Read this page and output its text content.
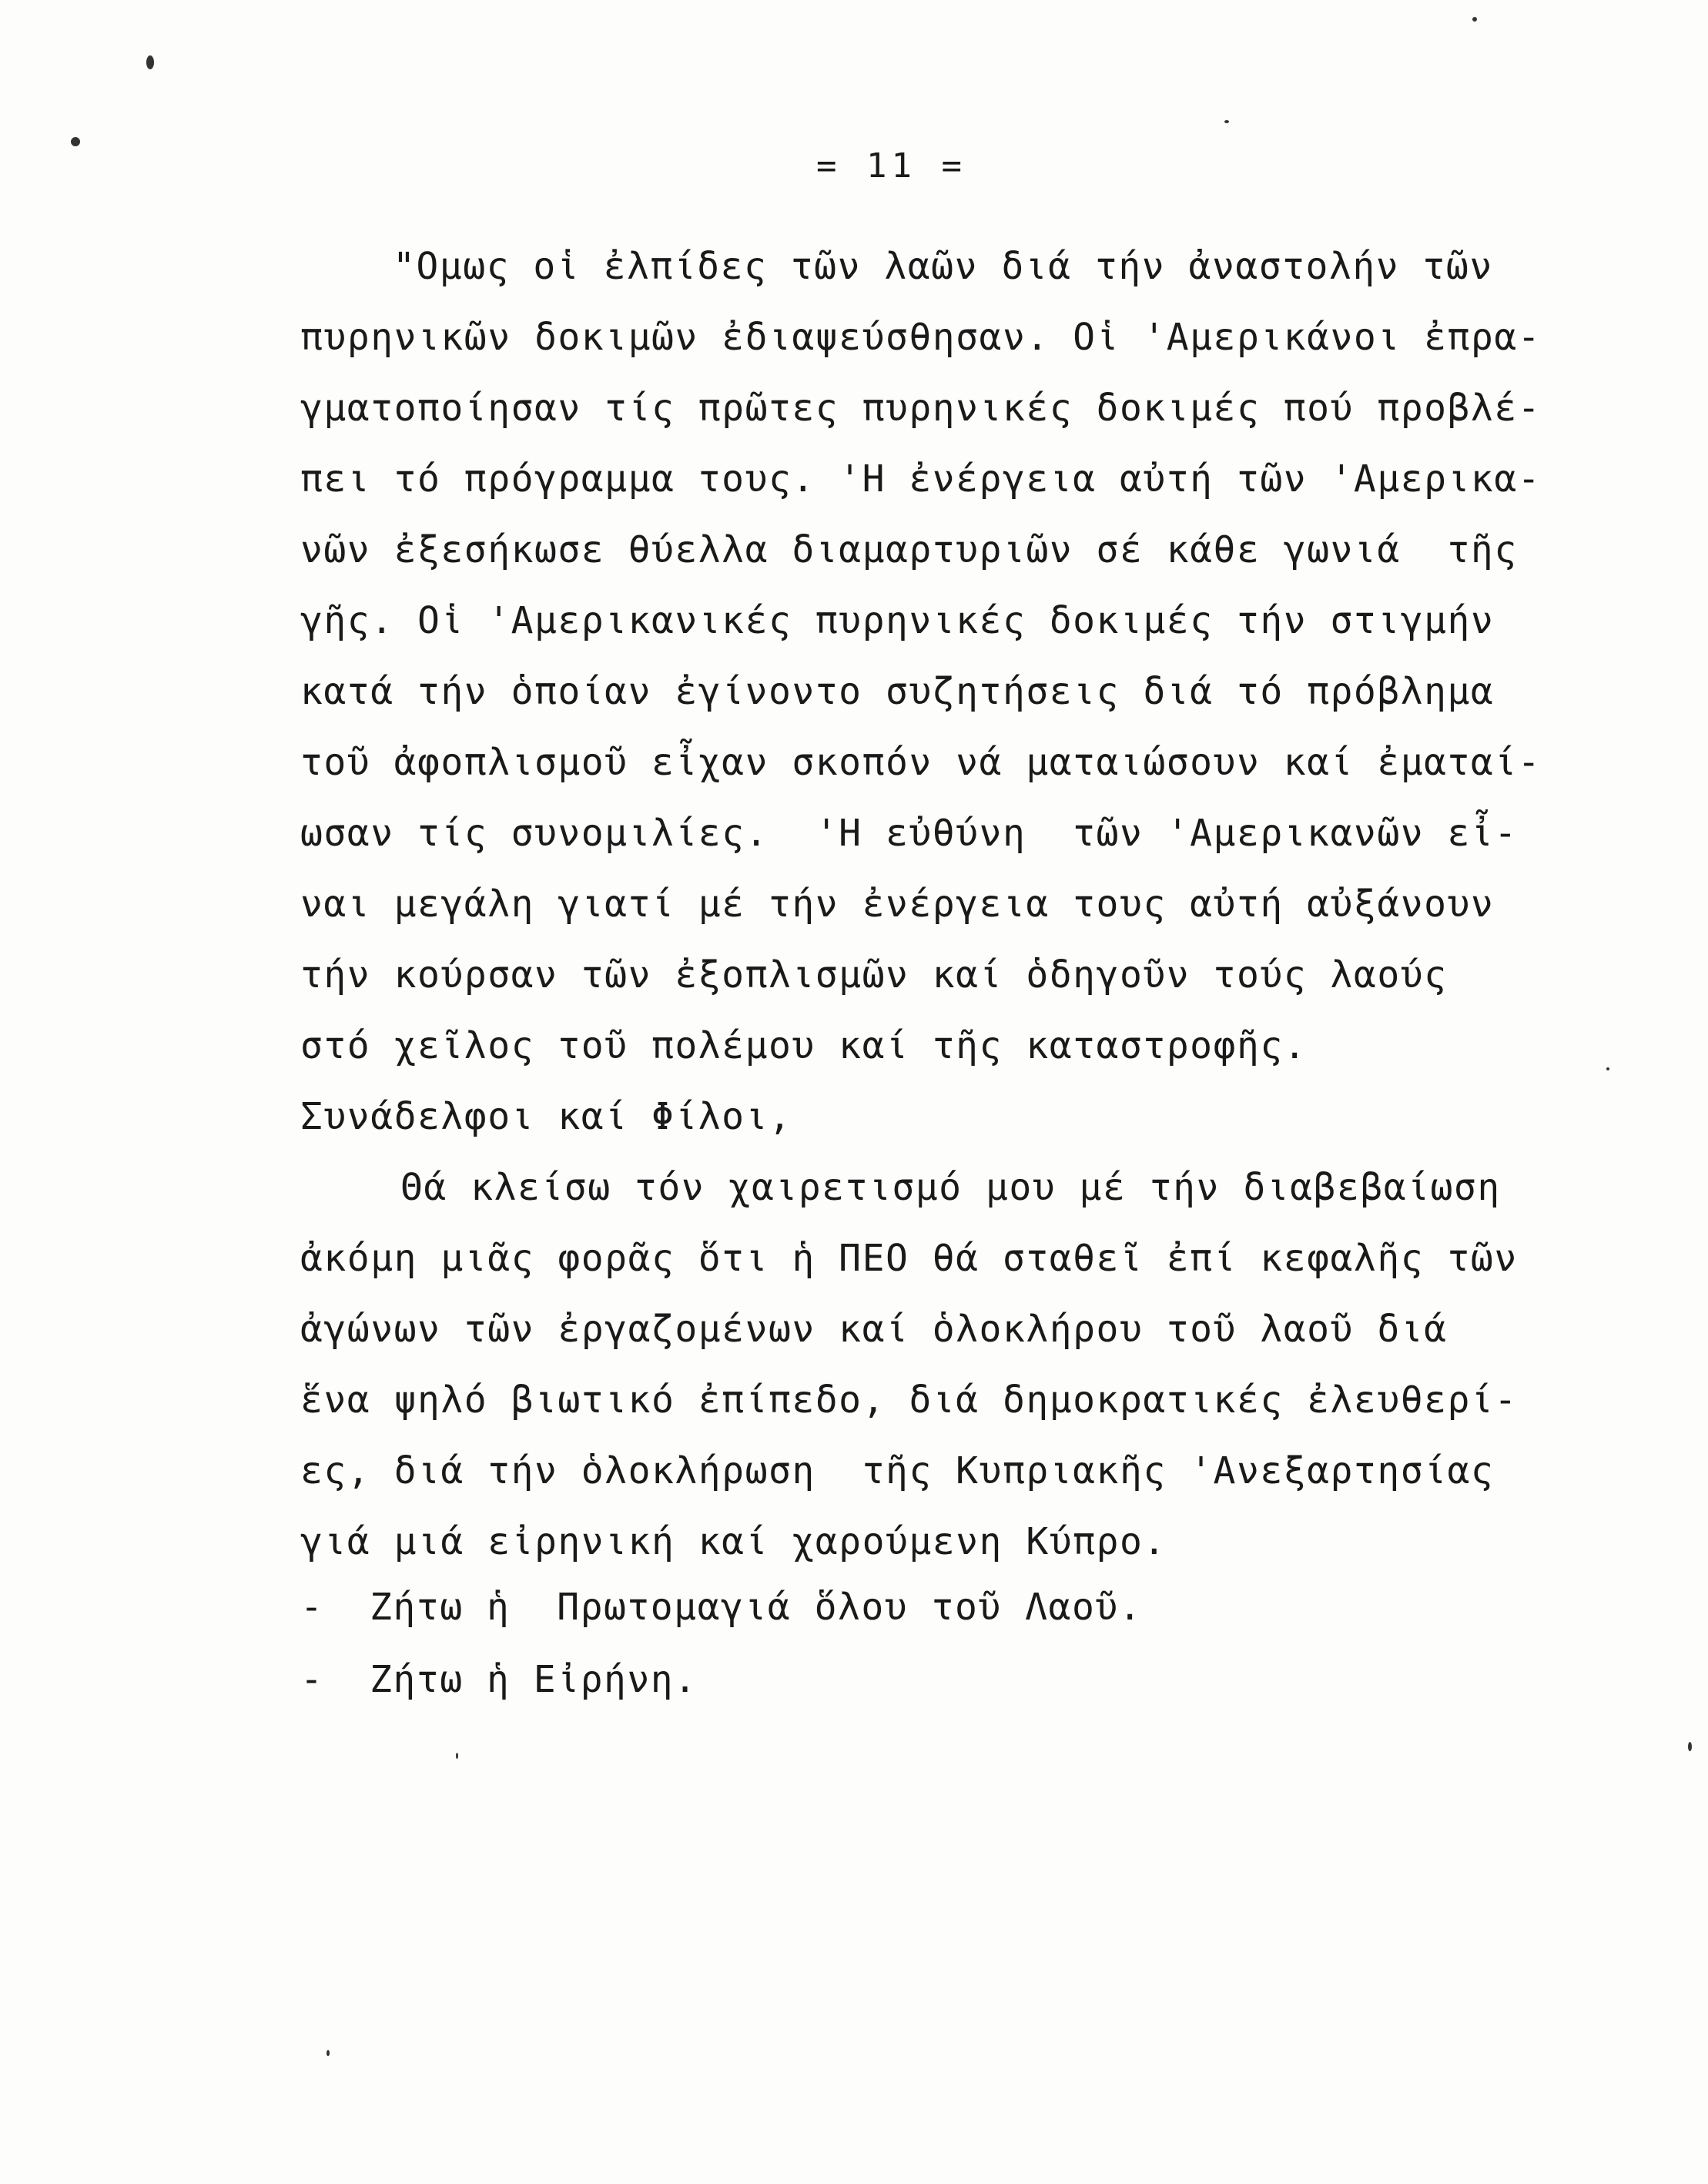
= 11 =
"Ομως οἱ ἐλπίδες τῶν λαῶν διά τήν ἀναστολήν τῶν
πυρηνικῶν δοκιμῶν ἐδιαψεύσθησαν. Οἱ 'Αμερικάνοι ἐπρα-
γματοποίησαν τίς πρῶτες πυρηνικές δοκιμές πού προβλέ-
πει τό πρόγραμμα τους. 'Η ἐνέργεια αὐτή τῶν 'Αμερικα-
νῶν ἐξεσήκωσε θύελλα διαμαρτυριῶν σέ κάθε γωνιά  τῆς
γῆς. Οἱ 'Αμερικανικές πυρηνικές δοκιμές τήν στιγμήν
κατά τήν ὁποίαν ἐγίνοντο συζητήσεις διά τό πρόβλημα
τοῦ ἀφοπλισμοῦ εἶχαν σκοπόν νά ματαιώσουν καί ἐματαί-
ωσαν τίς συνομιλίες.  'Η εὐθύνη  τῶν 'Αμερικανῶν εἶ-
ναι μεγάλη γιατί μέ τήν ἐνέργεια τους αὐτή αὐξάνουν
τήν κούρσαν τῶν ἐξοπλισμῶν καί ὁδηγοῦν τούς λαούς
στό χεῖλος τοῦ πολέμου καί τῆς καταστροφῆς.
Συνάδελφοι καί Φίλοι,
Θά κλείσω τόν χαιρετισμό μου μέ τήν διαβεβαίωση
ἀκόμη μιᾶς φορᾶς ὅτι ἡ ΠΕΟ θά σταθεῖ ἐπί κεφαλῆς τῶν
ἀγώνων τῶν ἐργαζομένων καί ὁλοκλήρου τοῦ λαοῦ διά
ἕνα ψηλό βιωτικό ἐπίπεδο, διά δημοκρατικές ἐλευθερί-
ες, διά τήν ὁλοκλήρωση  τῆς Κυπριακῆς 'Ανεξαρτησίας
γιά μιά εἰρηνική καί χαρούμενη Κύπρο.
-	Ζήτω ἡ  Πρωτομαγιά ὅλου τοῦ Λαοῦ.
-	Ζήτω ἡ Εἰρήνη.
